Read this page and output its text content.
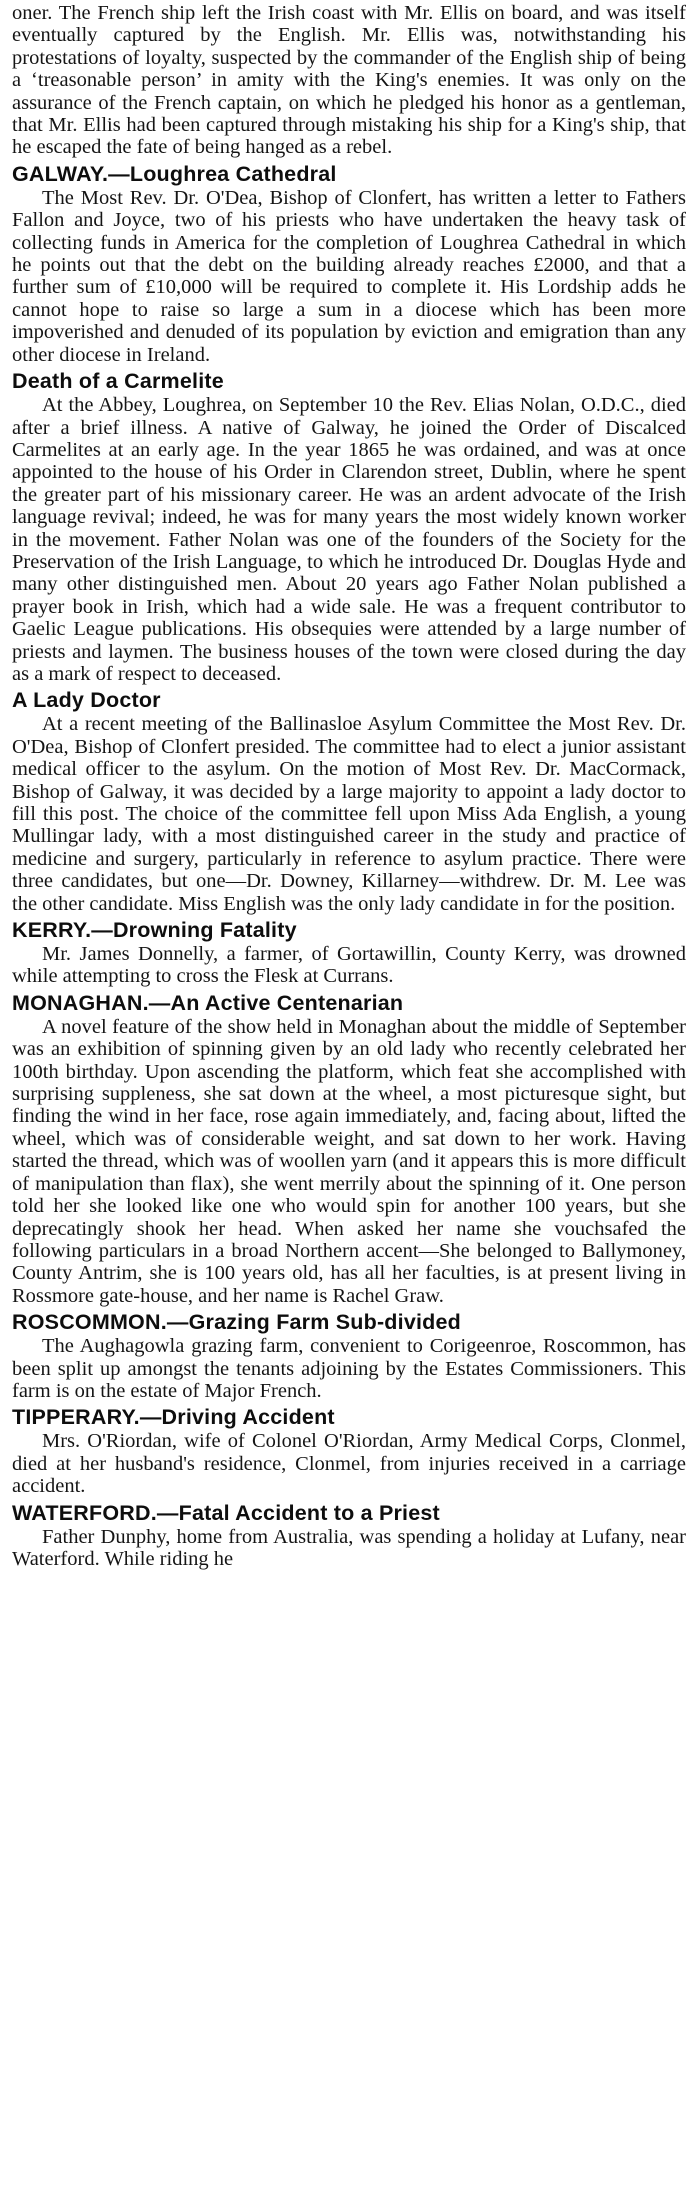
oner. The French ship left the Irish coast with Mr. Ellis on board, and was itself eventually captured by the English. Mr. Ellis was, notwithstanding his protestations of loyalty, suspected by the commander of the English ship of being a ‘treasonable person’ in amity with the King's enemies. It was only on the assurance of the French captain, on which he pledged his honor as a gentleman, that Mr. Ellis had been captured through mistaking his ship for a King's ship, that he escaped the fate of being hanged as a rebel.

GALWAY.—Loughrea Cathedral

The Most Rev. Dr. O'Dea, Bishop of Clonfert, has written a letter to Fathers Fallon and Joyce, two of his priests who have undertaken the heavy task of collecting funds in America for the completion of Loughrea Cathedral in which he points out that the debt on the building already reaches £2000, and that a further sum of £10,000 will be required to complete it. His Lordship adds he cannot hope to raise so large a sum in a diocese which has been more impoverished and denuded of its population by eviction and emigration than any other diocese in Ireland.

Death of a Carmelite

At the Abbey, Loughrea, on September 10 the Rev. Elias Nolan, O.D.C., died after a brief illness. A native of Galway, he joined the Order of Discalced Carmelites at an early age. In the year 1865 he was ordained, and was at once appointed to the house of his Order in Clarendon street, Dublin, where he spent the greater part of his missionary career. He was an ardent advocate of the Irish language revival; indeed, he was for many years the most widely known worker in the movement. Father Nolan was one of the founders of the Society for the Preservation of the Irish Language, to which he introduced Dr. Douglas Hyde and many other distinguished men. About 20 years ago Father Nolan published a prayer book in Irish, which had a wide sale. He was a frequent contributor to Gaelic League publications. His obsequies were attended by a large number of priests and laymen. The business houses of the town were closed during the day as a mark of respect to deceased.

A Lady Doctor

At a recent meeting of the Ballinasloe Asylum Committee the Most Rev. Dr. O'Dea, Bishop of Clonfert presided. The committee had to elect a junior assistant medical officer to the asylum. On the motion of Most Rev. Dr. MacCormack, Bishop of Galway, it was decided by a large majority to appoint a lady doctor to fill this post. The choice of the committee fell upon Miss Ada English, a young Mullingar lady, with a most distinguished career in the study and practice of medicine and surgery, particularly in reference to asylum practice. There were three candidates, but one—Dr. Downey, Killarney—withdrew. Dr. M. Lee was the other candidate. Miss English was the only lady candidate in for the position.

KERRY.—Drowning Fatality

Mr. James Donnelly, a farmer, of Gortawillin, County Kerry, was drowned while attempting to cross the Flesk at Currans.

MONAGHAN.—An Active Centenarian

A novel feature of the show held in Monaghan about the middle of September was an exhibition of spinning given by an old lady who recently celebrated her 100th birthday. Upon ascending the platform, which feat she accomplished with surprising suppleness, she sat down at the wheel, a most picturesque sight, but finding the wind in her face, rose again immediately, and, facing about, lifted the wheel, which was of considerable weight, and sat down to her work. Having started the thread, which was of woollen yarn (and it appears this is more difficult of manipulation than flax), she went merrily about the spinning of it. One person told her she looked like one who would spin for another 100 years, but she deprecatingly shook her head. When asked her name she vouchsafed the following particulars in a broad Northern accent—She belonged to Ballymoney, County Antrim, she is 100 years old, has all her faculties, is at present living in Rossmore gate-house, and her name is Rachel Graw.

ROSCOMMON.—Grazing Farm Sub-divided

The Aughagowla grazing farm, convenient to Corigeenroe, Roscommon, has been split up amongst the tenants adjoining by the Estates Commissioners. This farm is on the estate of Major French.

TIPPERARY.—Driving Accident

Mrs. O'Riordan, wife of Colonel O'Riordan, Army Medical Corps, Clonmel, died at her husband's residence, Clonmel, from injuries received in a carriage accident.

WATERFORD.—Fatal Accident to a Priest

Father Dunphy, home from Australia, was spending a holiday at Lufany, near Waterford. While riding he
